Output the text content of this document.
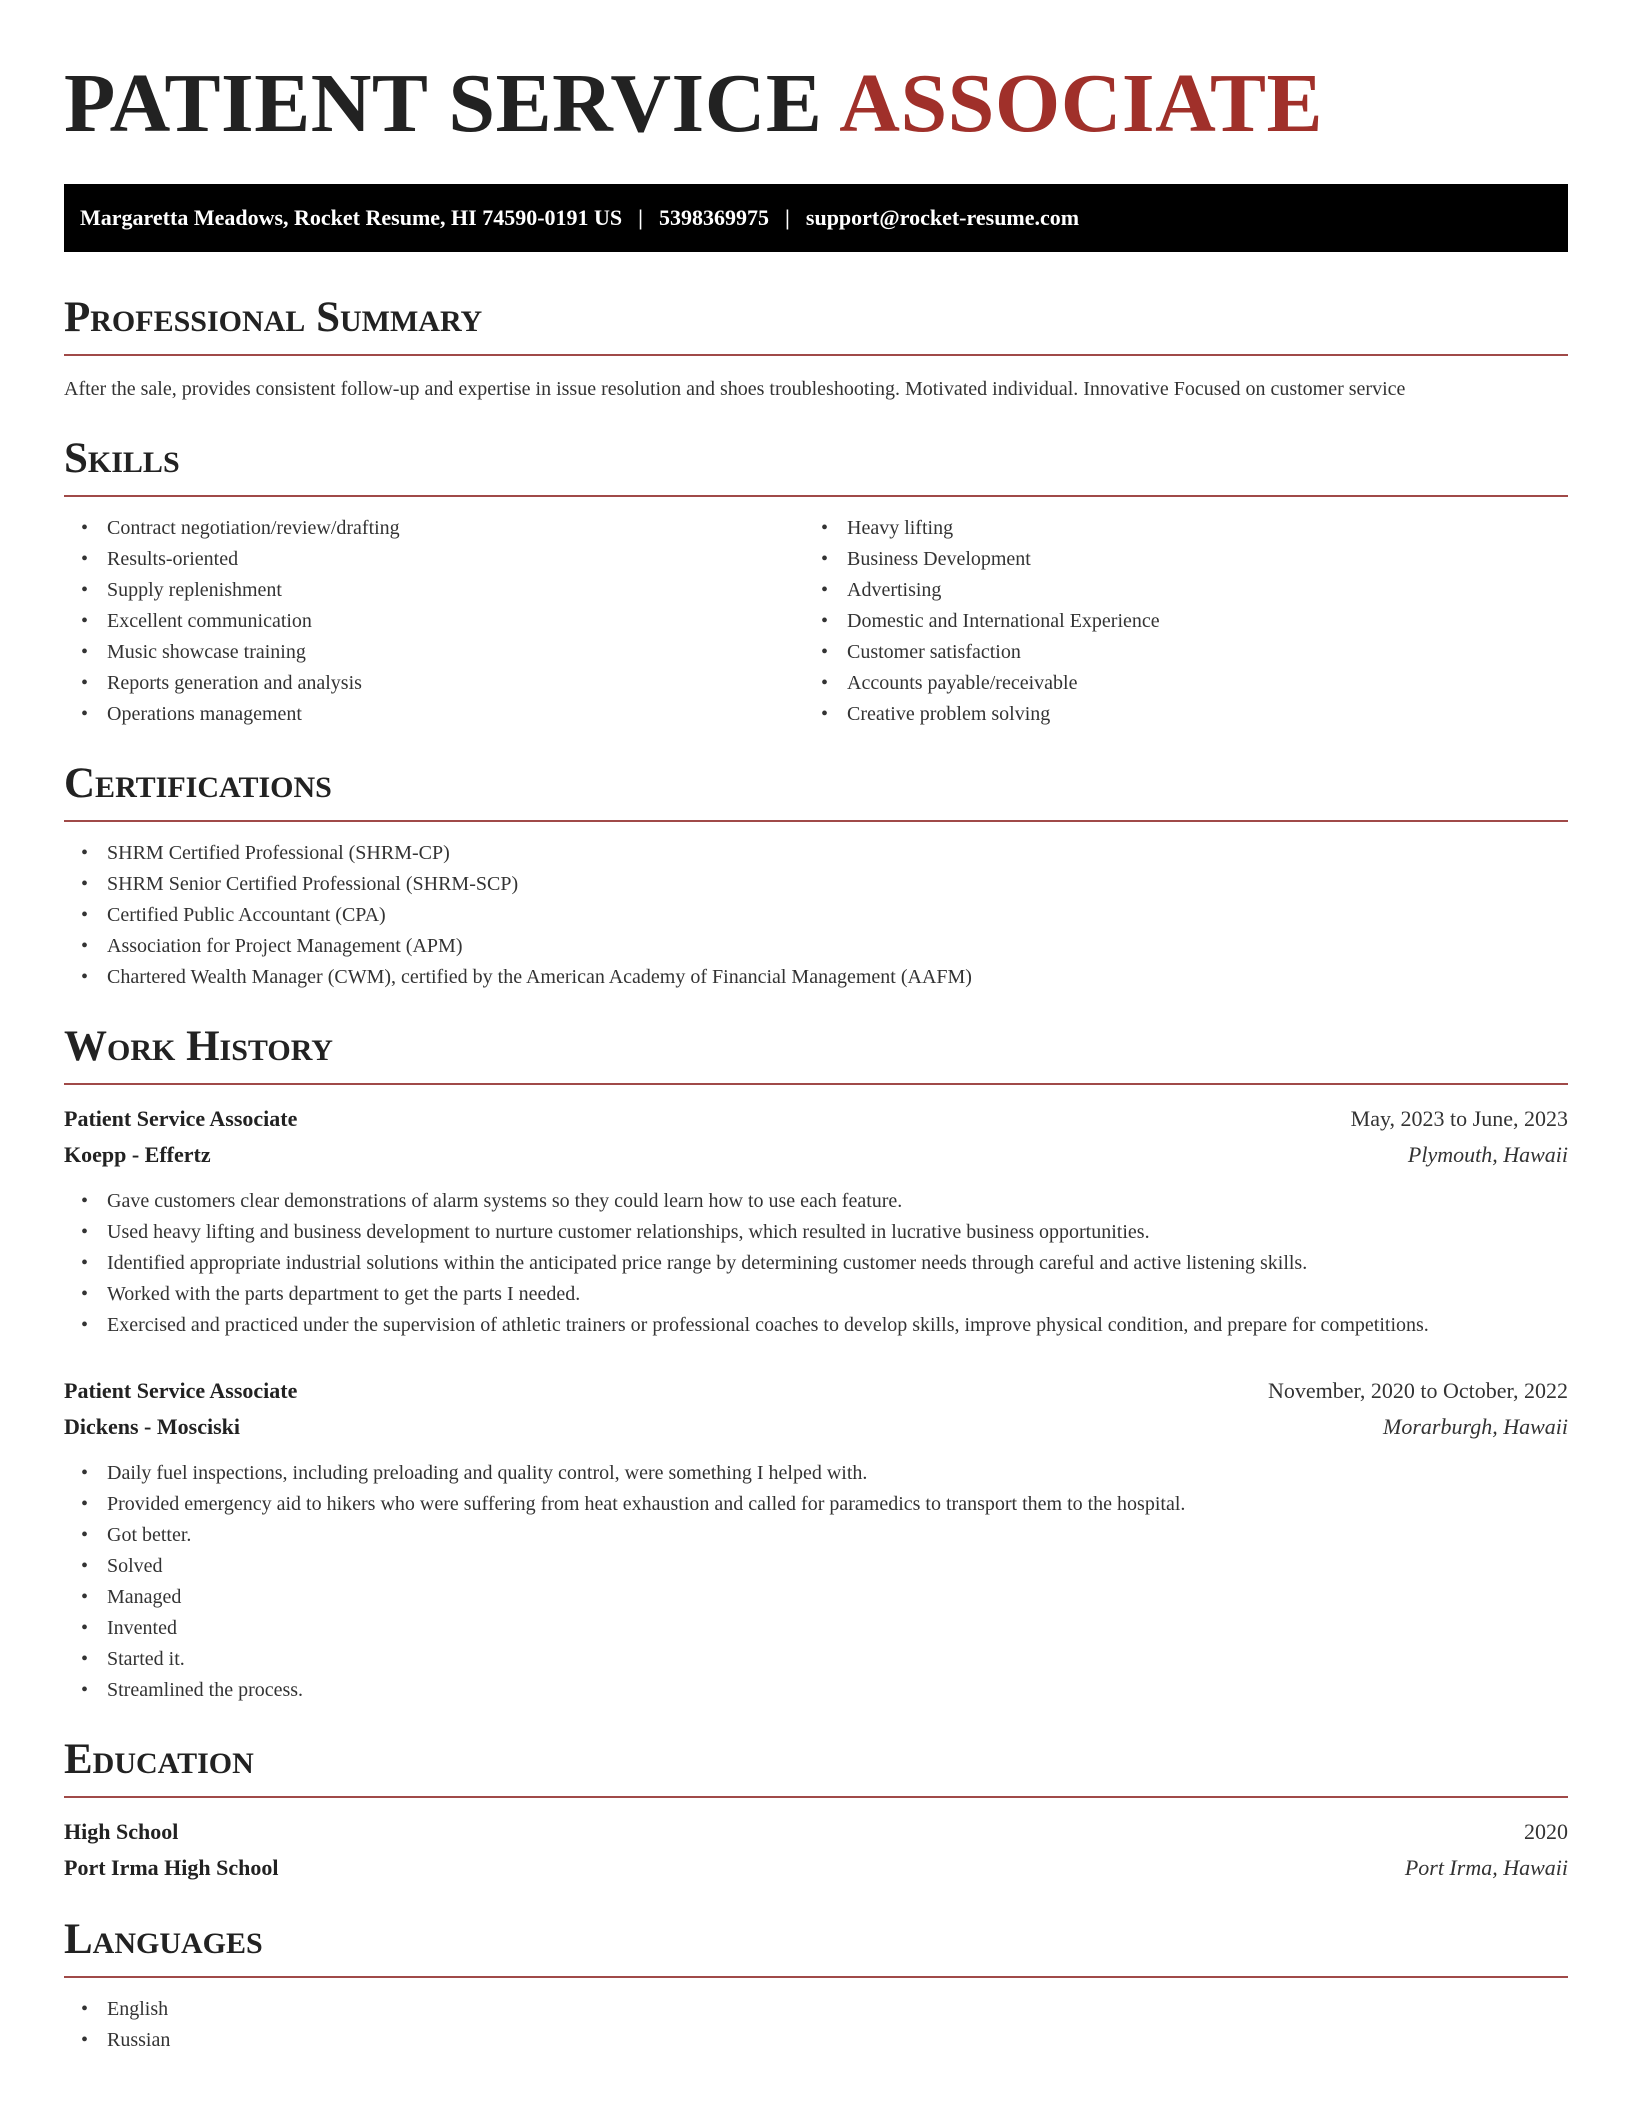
PATIENT SERVICE ASSOCIATE
Margaretta Meadows, Rocket Resume, HI 74590-0191 US | 5398369975 | support@rocket-resume.com
Professional Summary

After the sale, provides consistent follow-up and expertise in issue resolution and shoes troubleshooting. Motivated individual. Innovative Focused on customer service

Skills
• Contract negotiation/review/drafting
• Results-oriented
• Supply replenishment
• Excellent communication
• Music showcase training
• Reports generation and analysis
• Operations management
• Heavy lifting
• Business Development
• Advertising
• Domestic and International Experience
• Customer satisfaction
• Accounts payable/receivable
• Creative problem solving
Certifications
• SHRM Certified Professional (SHRM-CP)
• SHRM Senior Certified Professional (SHRM-SCP)
• Certified Public Accountant (CPA)
• Association for Project Management (APM)
• Chartered Wealth Manager (CWM), certified by the American Academy of Financial Management (AAFM)
Work History
Patient Service Associate	May, 2023 to June, 2023
Koepp - Effertz	Plymouth, Hawaii
• Gave customers clear demonstrations of alarm systems so they could learn how to use each feature.
• Used heavy lifting and business development to nurture customer relationships, which resulted in lucrative business opportunities.
• Identified appropriate industrial solutions within the anticipated price range by determining customer needs through careful and active listening skills.
• Worked with the parts department to get the parts I needed.
• Exercised and practiced under the supervision of athletic trainers or professional coaches to develop skills, improve physical condition, and prepare for competitions.
Patient Service Associate	November, 2020 to October, 2022
Dickens - Mosciski	Morarburgh, Hawaii
• Daily fuel inspections, including preloading and quality control, were something I helped with.
• Provided emergency aid to hikers who were suffering from heat exhaustion and called for paramedics to transport them to the hospital.
• Got better.
• Solved
• Managed
• Invented
• Started it.
• Streamlined the process.
Education
High School	2020
Port Irma High School	Port Irma, Hawaii
Languages
• English
• Russian
